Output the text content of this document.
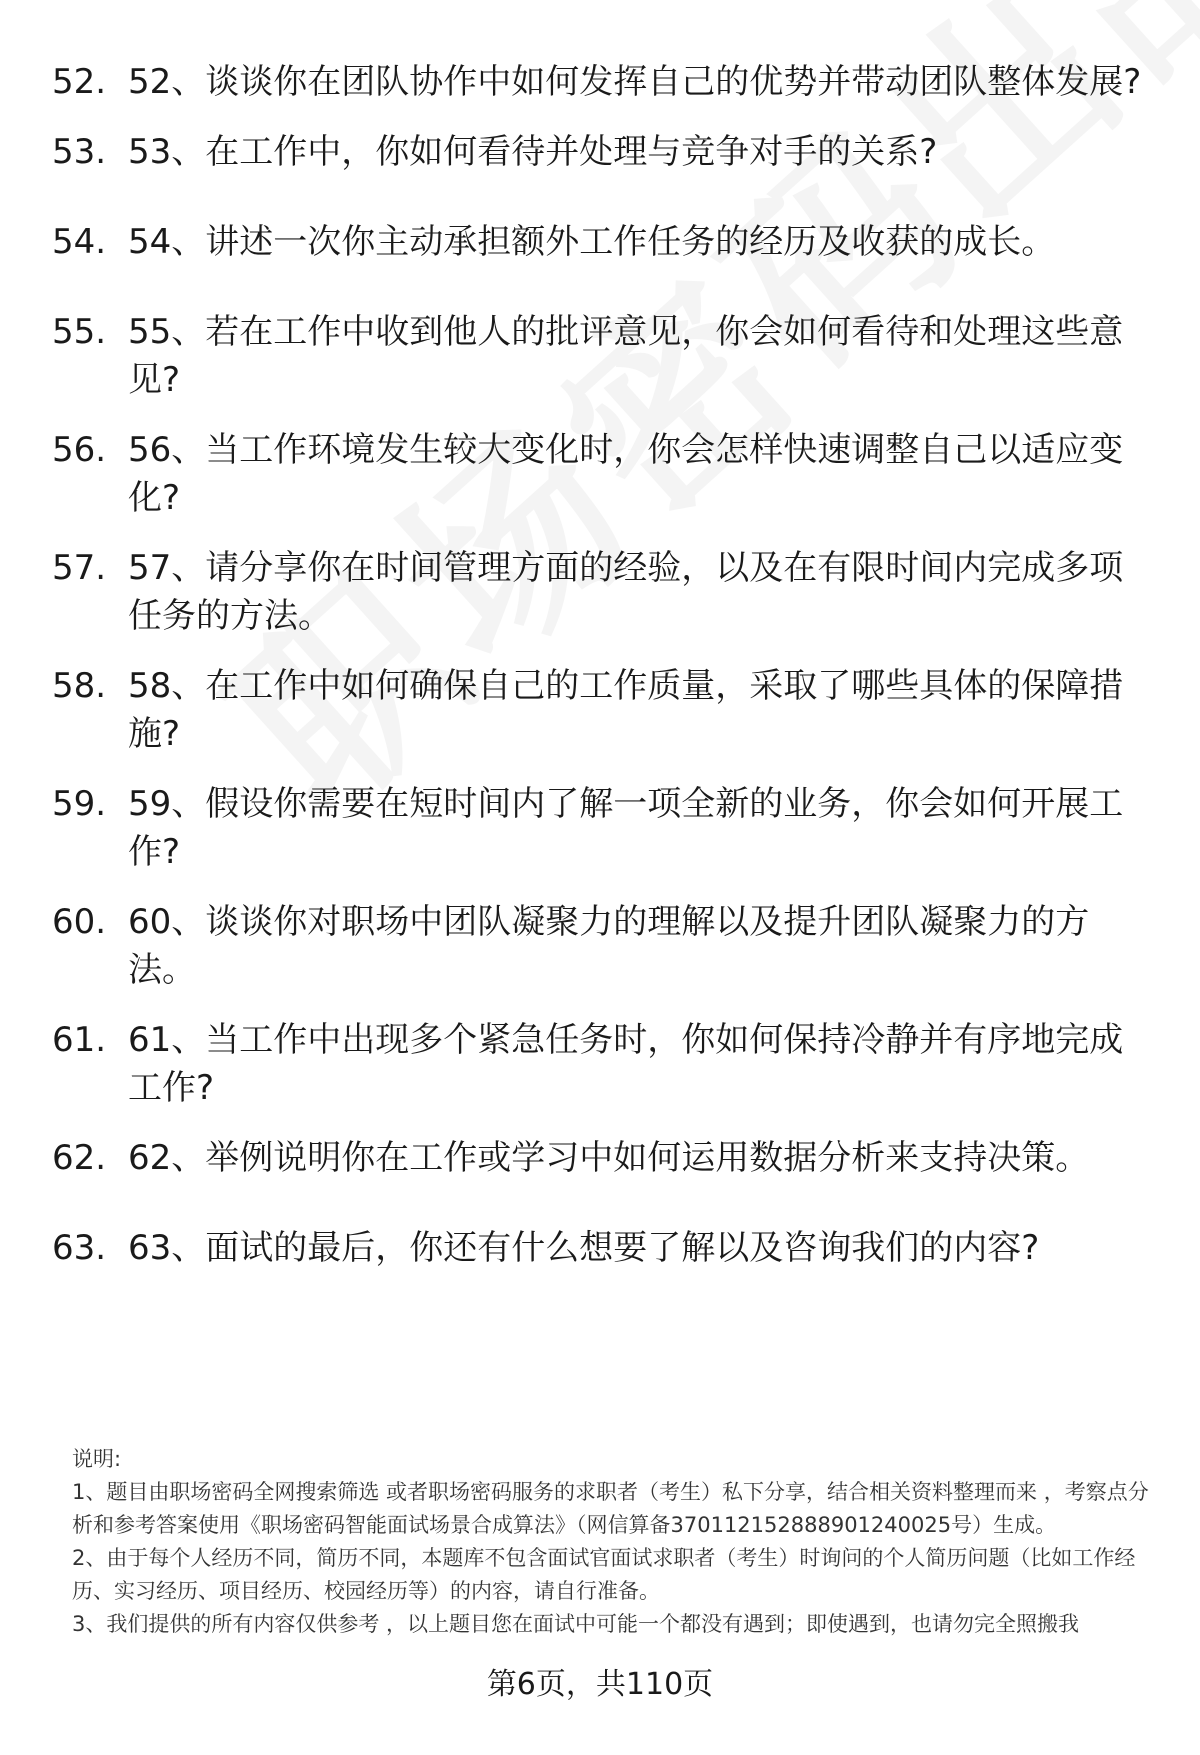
52. 52、谈谈你在团队协作中如何发挥自己的优势并带动团队整体发展?
53. 53、在工作中，你如何看待并处理与竞争对手的关系?
54. 54、讲述一次你主动承担额外工作任务的经历及收获的成长。
55. 55、若在工作中收到他人的批评意见，你会如何看待和处理这些意见?
56. 56、当工作环境发生较大变化时，你会怎样快速调整自己以适应变化?
57. 57、请分享你在时间管理方面的经验，以及在有限时间内完成多项任务的方法。
58. 58、在工作中如何确保自己的工作质量，采取了哪些具体的保障措施?
59. 59、假设你需要在短时间内了解一项全新的业务，你会如何开展工作?
60. 60、谈谈你对职场中团队凝聚力的理解以及提升团队凝聚力的方法。
61. 61、当工作中出现多个紧急任务时，你如何保持冷静并有序地完成工作?
62. 62、举例说明你在工作或学习中如何运用数据分析来支持决策。
63. 63、面试的最后，你还有什么想要了解以及咨询我们的内容?

说明:

1、题目由职场密码全网搜索筛选 或者职场密码服务的求职者（考生）私下分享，结合相关资料整理而来 ，考察点分析和参考答案使用《职场密码智能面试场景合成算法》（网信算备370112152888901240025号）生成。

2、由于每个人经历不同，简历不同，本题库不包含面试官面试求职者（考生）时询问的个人简历问题（比如工作经历、实习经历、项目经历、校园经历等）的内容，请自行准备。

3、我们提供的所有内容仅供参考 ，以上题目您在面试中可能一个都没有遇到；即使遇到，也请勿完全照搬我

第6页，共110页
